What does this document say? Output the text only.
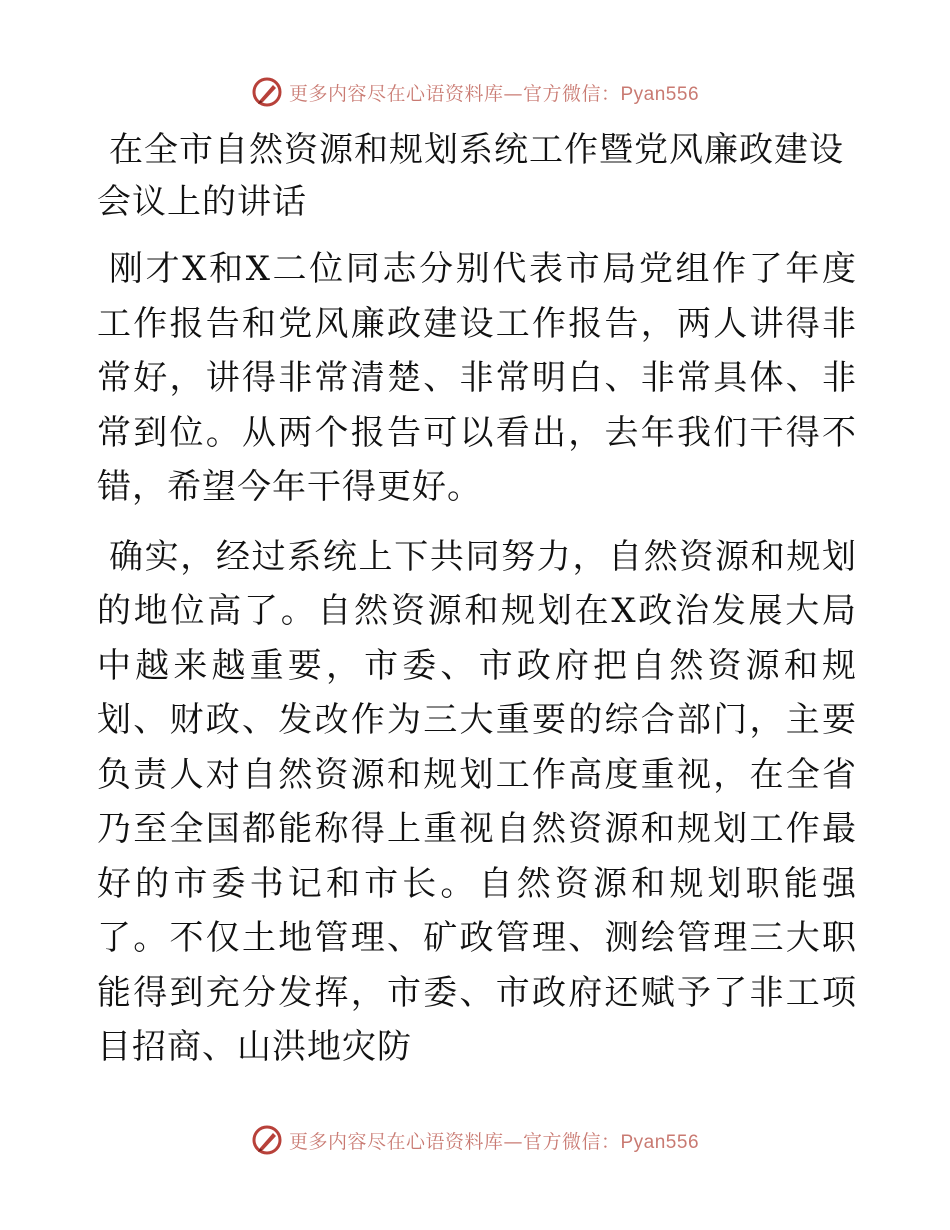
更多内容尽在心语资料库—官方微信：Pyan556
在全市自然资源和规划系统工作暨党风廉政建设会议上的讲话

刚才X和X二位同志分别代表市局党组作了年度工作报告和党风廉政建设工作报告，两人讲得非常好，讲得非常清楚、非常明白、非常具体、非常到位。从两个报告可以看出，去年我们干得不错，希望今年干得更好。

确实，经过系统上下共同努力，自然资源和规划的地位高了。自然资源和规划在X政治发展大局中越来越重要，市委、市政府把自然资源和规划、财政、发改作为三大重要的综合部门，主要负责人对自然资源和规划工作高度重视，在全省乃至全国都能称得上重视自然资源和规划工作最好的市委书记和市长。自然资源和规划职能强了。不仅土地管理、矿政管理、测绘管理三大职能得到充分发挥，市委、市政府还赋予了非工项目招商、山洪地灾防

更多内容尽在心语资料库—官方微信：Pyan556
